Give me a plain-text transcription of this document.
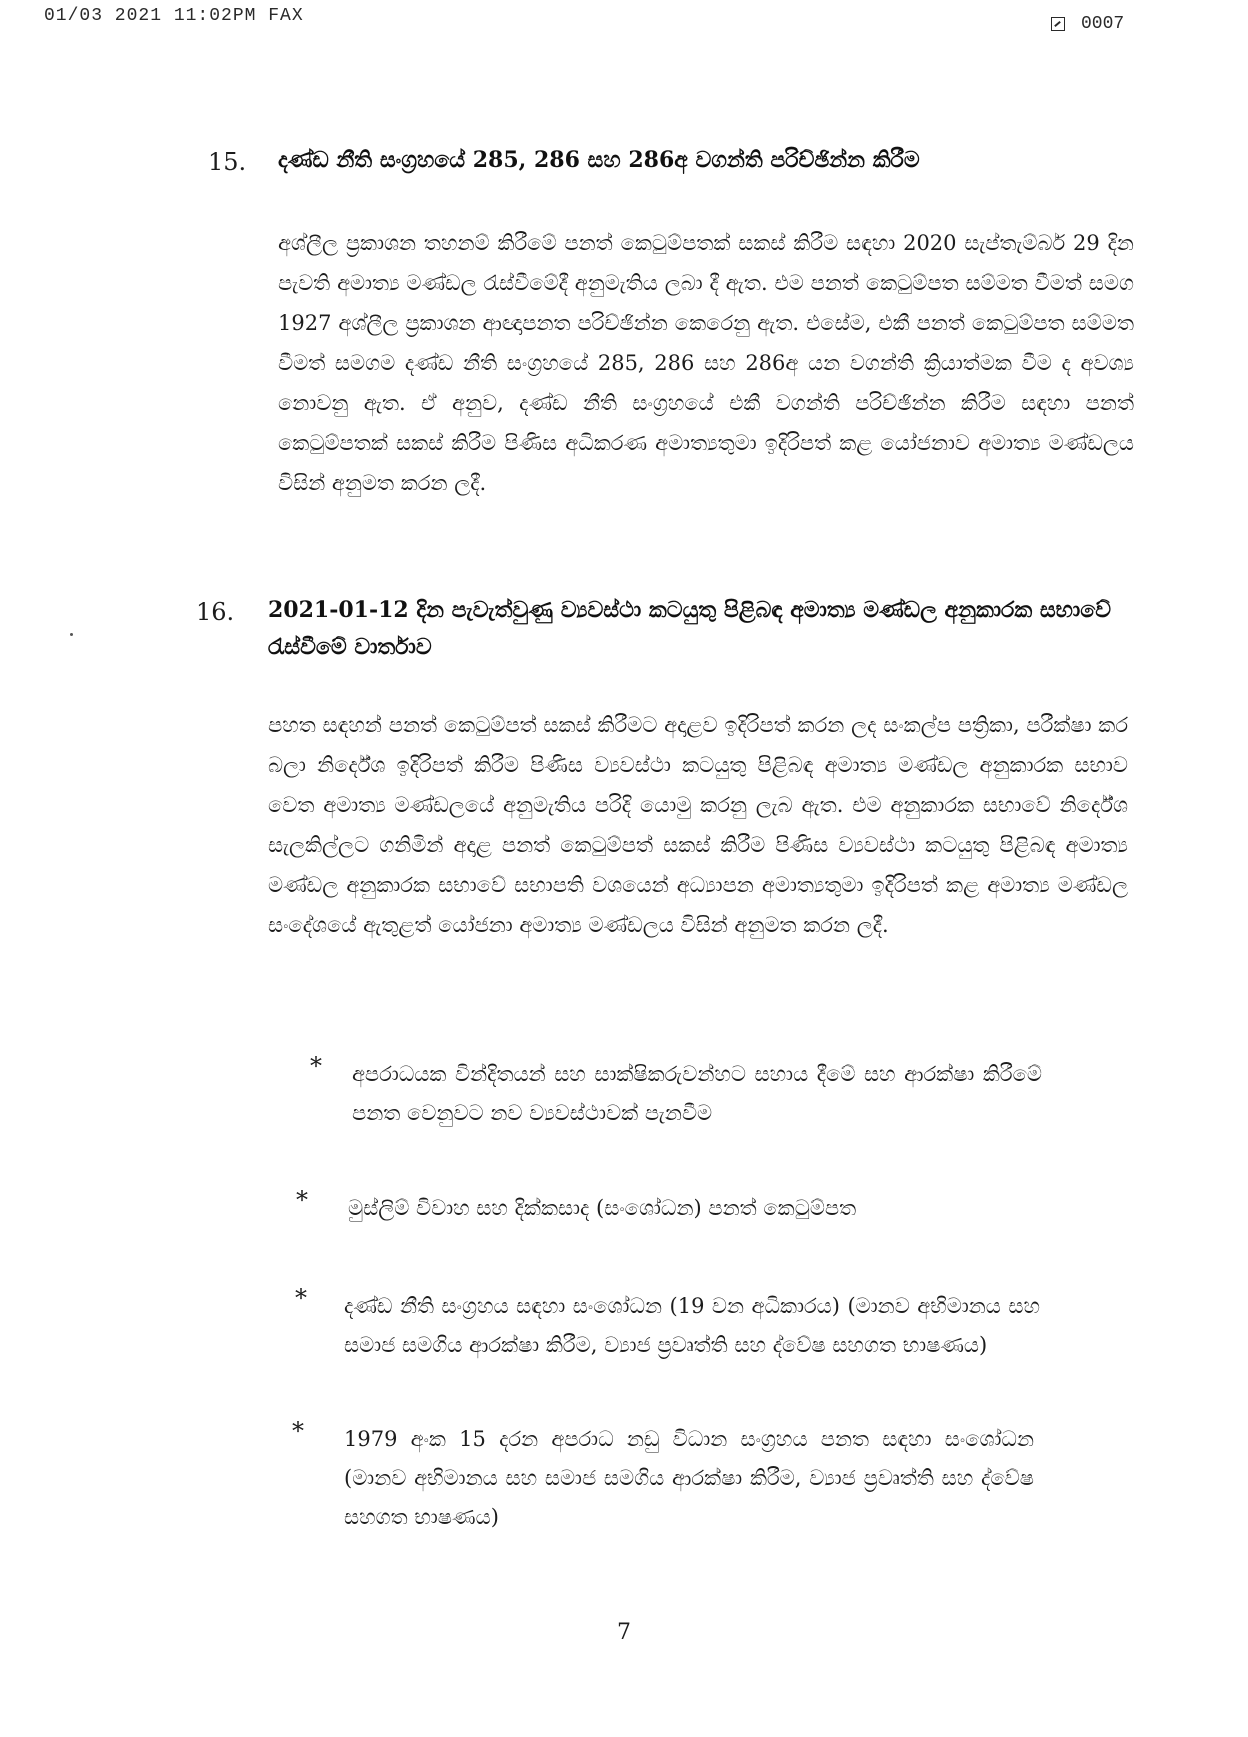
01/03 2021 11:02PM FAX	0007
15. දණ්ඩ නීති සංග්‍රහයේ 285, 286 සහ 286අ වගන්ති පරිච්ඡින්න කිරීම

අශ්ලීල ප්‍රකාශන තහනම් කිරීමේ පනත් කෙටුම්පතක් සකස් කිරීම සඳහා 2020 සැප්තැම්බර් 29 දින පැවති අමාත්‍ය මණ්ඩල රැස්වීමේදී අනුමැතිය ලබා දී ඇත. එම පනත් කෙටුම්පත සම්මත වීමත් සමග 1927 අශ්ලීල ප්‍රකාශන ආඥාපනත පරිච්ඡින්න කෙරෙනු ඇත. එසේම, එකී පනත් කෙටුම්පත සම්මත වීමත් සමගම දණ්ඩ නීති සංග්‍රහයේ 285, 286 සහ 286අ යන වගන්ති ක්‍රියාත්මක වීම ද අවශ්‍ය නොවනු ඇත. ඒ අනුව, දණ්ඩ නීති සංග්‍රහයේ එකී වගන්ති පරිච්ඡින්න කිරීම සඳහා පනත් කෙටුම්පතක් සකස් කිරීම පිණිස අධිකරණ අමාත්‍යතුමා ඉදිරිපත් කළ යෝජනාව අමාත්‍ය මණ්ඩලය විසින් අනුමත කරන ලදී.

16. 2021-01-12 දින පැවැත්වුණු ව්‍යවස්ථා කටයුතු පිළිබඳ අමාත්‍ය මණ්ඩල අනුකාරක සභාවේ රැස්වීමේ වාර්තාව

පහත සඳහන් පනත් කෙටුම්පත් සකස් කිරීමට අදාළව ඉදිරිපත් කරන ලද සංකල්ප පත්‍රිකා, පරීක්ෂා කර බලා නිර්දේශ ඉදිරිපත් කිරීම පිණිස ව්‍යවස්ථා කටයුතු පිළිබඳ අමාත්‍ය මණ්ඩල අනුකාරක සභාව වෙත අමාත්‍ය මණ්ඩලයේ අනුමැතිය පරිදි යොමු කරනු ලැබ ඇත. එම අනුකාරක සභාවේ නිර්දේශ සැලකිල්ලට ගනිමින් අදාළ පනත් කෙටුම්පත් සකස් කිරීම පිණිස ව්‍යවස්ථා කටයුතු පිළිබඳ අමාත්‍ය මණ්ඩල අනුකාරක සභාවේ සභාපති වශයෙන් අධ්‍යාපන අමාත්‍යතුමා ඉදිරිපත් කළ අමාත්‍ය මණ්ඩල සංදේශයේ ඇතුළත් යෝජනා අමාත්‍ය මණ්ඩලය විසින් අනුමත කරන ලදී.

* අපරාධයක වින්දිතයන් සහ සාක්ෂිකරුවන්හට සහාය දීමේ සහ ආරක්ෂා කිරීමේ පනත වෙනුවට නව ව්‍යවස්ථාවක් පැනවීම

* මුස්ලිම් විවාහ සහ දික්කසාද (සංශෝධන) පනත් කෙටුම්පත

* දණ්ඩ නීති සංග්‍රහය සඳහා සංශෝධන (19 වන අධිකාරය) (මානව අභිමානය සහ සමාජ සමගිය ආරක්ෂා කිරීම, ව්‍යාජ ප්‍රවෘත්ති සහ ද්වේෂ සහගත භාෂණය)

* 1979 අංක 15 දරන අපරාධ නඩු විධාන සංග්‍රහය පනත සඳහා සංශෝධන (මානව අභිමානය සහ සමාජ සමගිය ආරක්ෂා කිරීම, ව්‍යාජ ප්‍රවෘත්ති සහ ද්වේෂ සහගත භාෂණය)

7
